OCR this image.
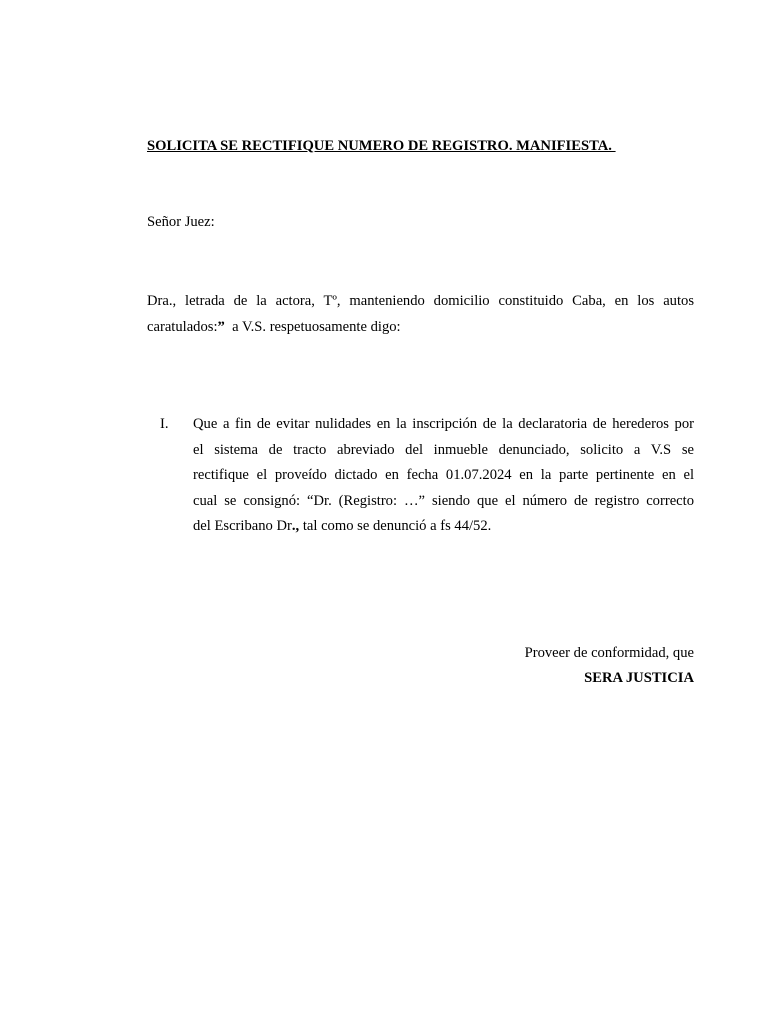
SOLICITA SE RECTIFIQUE NUMERO DE REGISTRO. MANIFIESTA.
Señor Juez:
Dra., letrada de la actora, Tº, manteniendo domicilio constituido Caba, en los autos
caratulados:”  a V.S. respetuosamente digo:
I. Que a fin de evitar nulidades en la inscripción de la declaratoria de herederos por
el sistema de tracto abreviado del inmueble denunciado, solicito a V.S se
rectifique el proveído dictado en fecha 01.07.2024 en la parte pertinente en el
cual se consignó: “Dr. (Registro: …” siendo que el número de registro correcto
del Escribano Dr., tal como se denunció a fs 44/52.
Proveer de conformidad, que
SERA JUSTICIA
